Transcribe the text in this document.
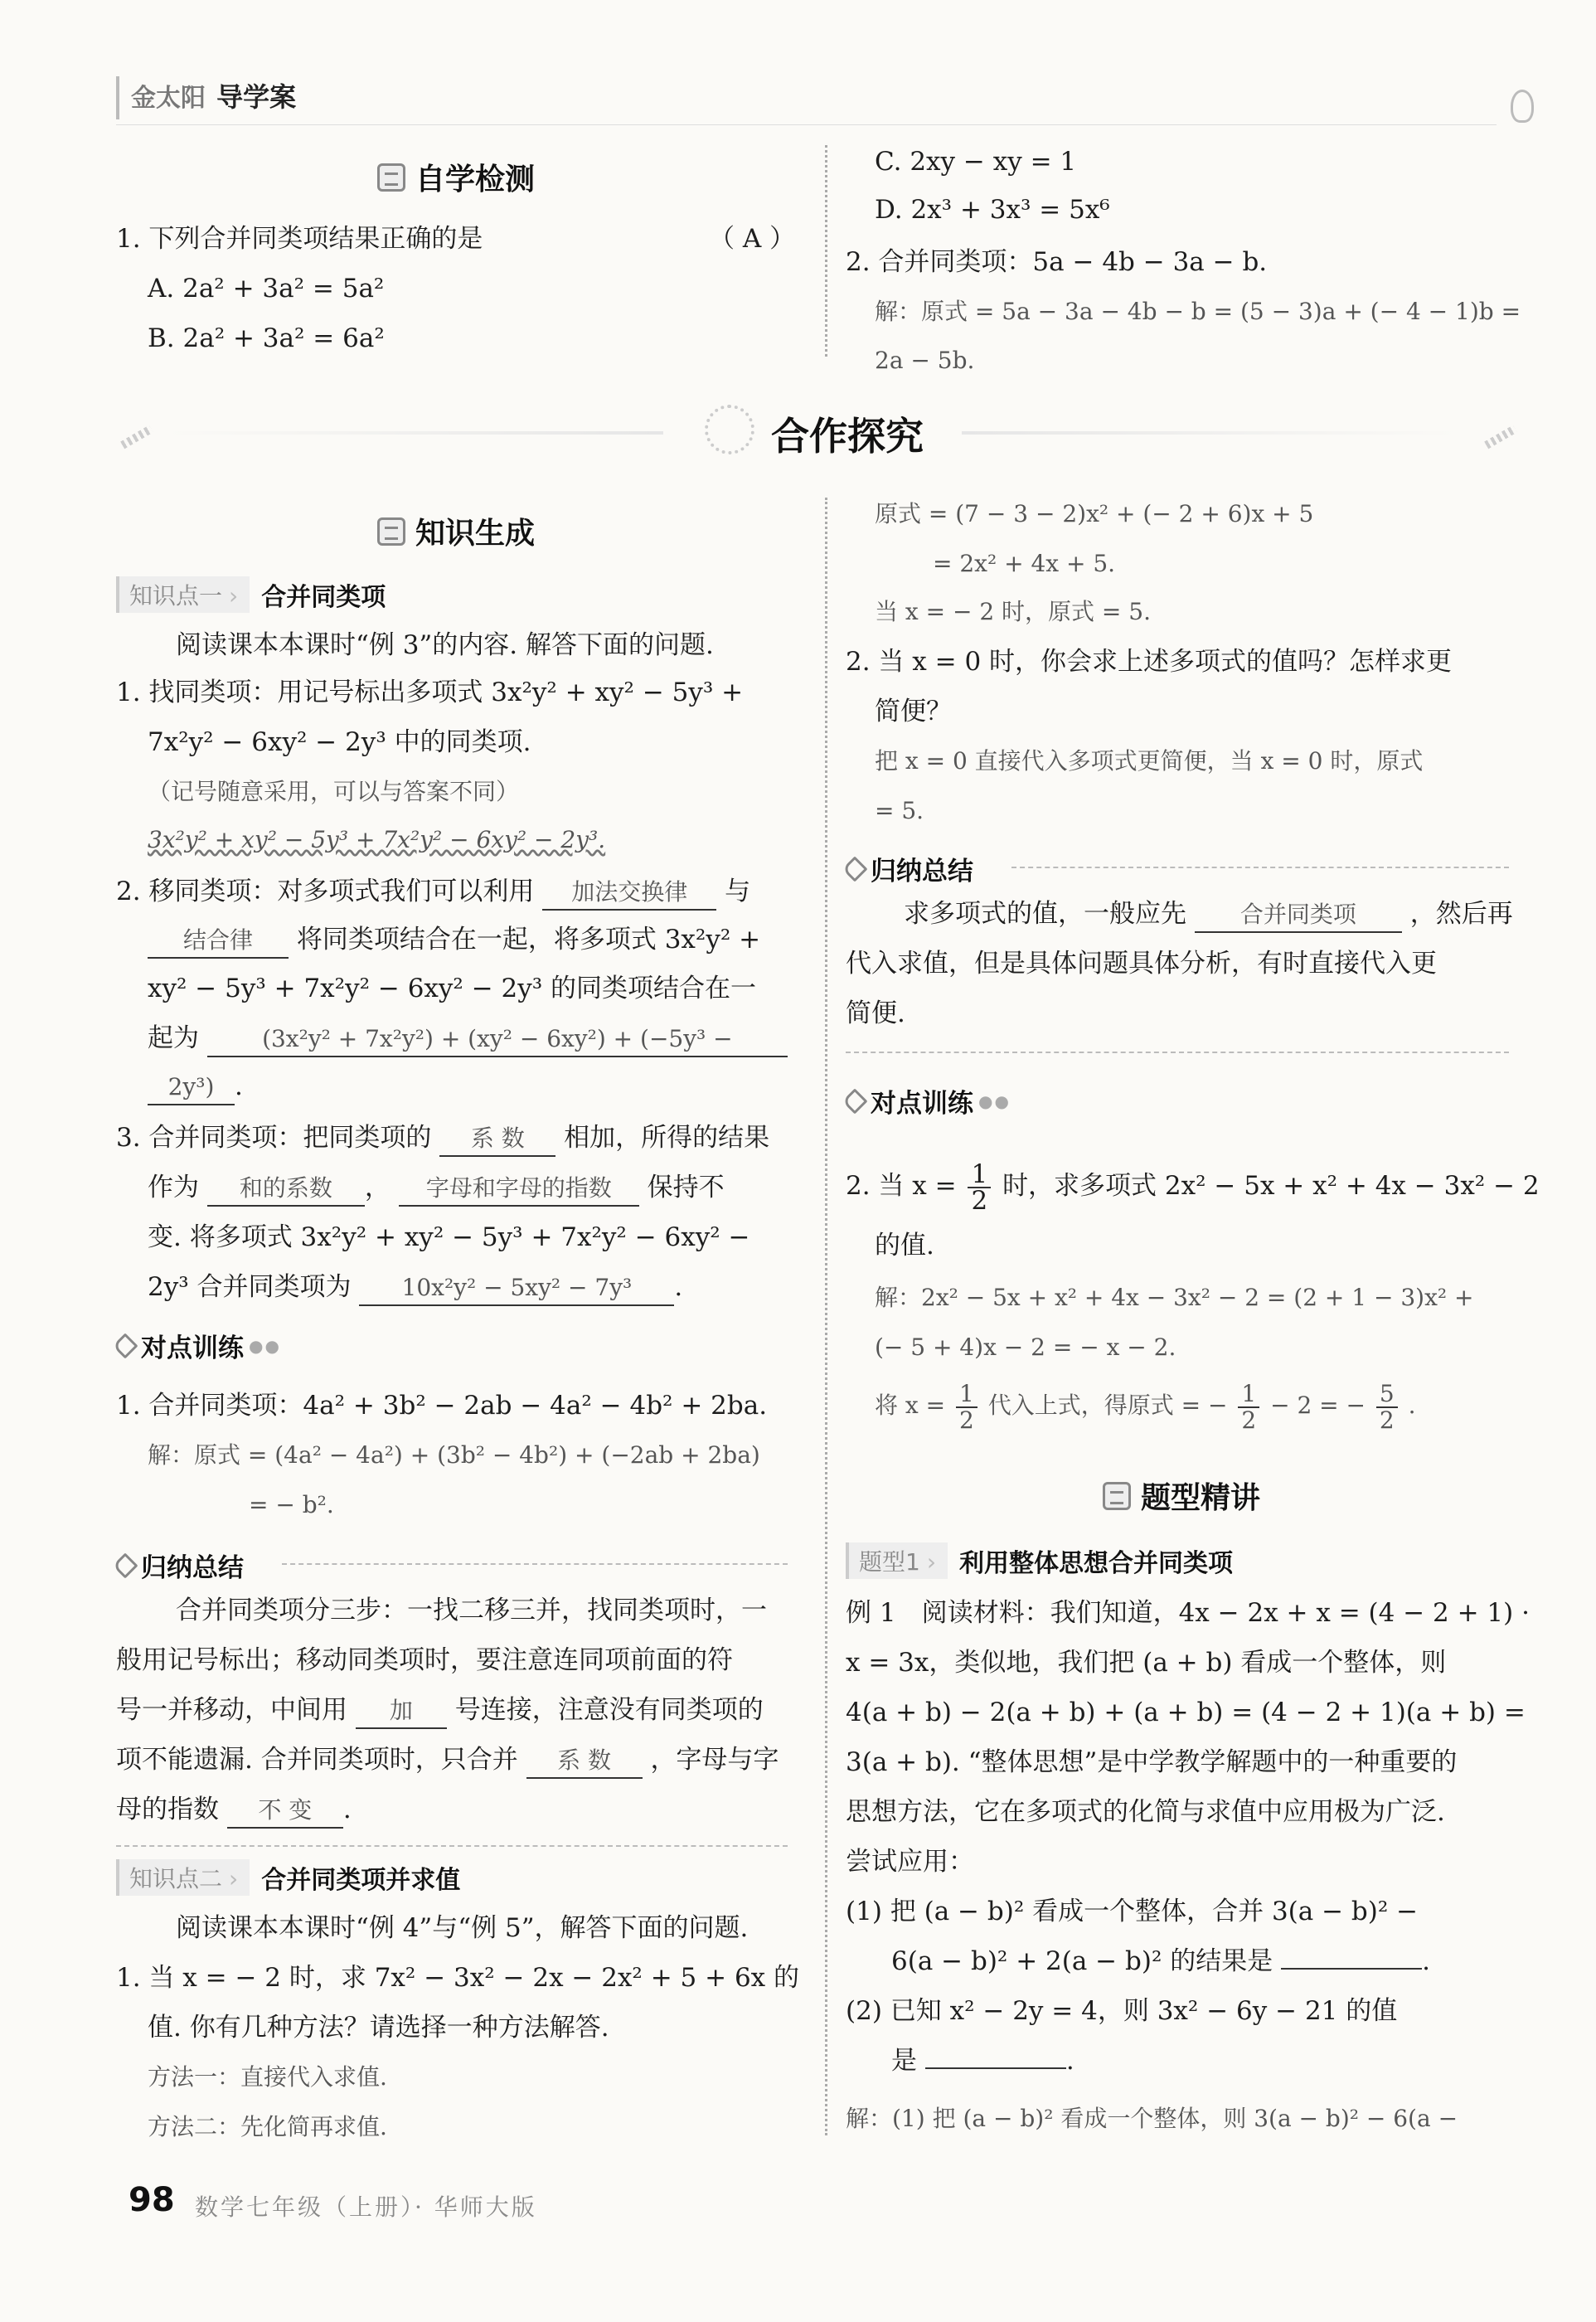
金太阳 导学案
自学检测
1. 下列合并同类项结果正确的是	（ A ）
A. 2a² + 3a² = 5a²
B. 2a² + 3a² = 6a²
C. 2xy − xy = 1
D. 2x³ + 3x³ = 5x⁶
2. 合并同类项：5a − 4b − 3a − b.
解：原式 = 5a − 3a − 4b − b = (5 − 3)a + (− 4 − 1)b =
2a − 5b.
合作探究
知识生成
知识点一 ›	合并同类项
阅读课本本课时“例 3”的内容. 解答下面的问题.
1. 找同类项：用记号标出多项式 3x²y² + xy² − 5y³ +
7x²y² − 6xy² − 2y³ 中的同类项.
（记号随意采用，可以与答案不同）
3x²y² + xy² − 5y³ + 7x²y² − 6xy² − 2y³.
2. 移同类项：对多项式我们可以利用 加法交换律 与
结合律 将同类项结合在一起，将多项式 3x²y² +
xy² − 5y³ + 7x²y² − 6xy² − 2y³ 的同类项结合在一
起为	(3x²y² + 7x²y²) + (xy² − 6xy²) + (−5y³ −
2y³) .
3. 合并同类项：把同类项的 系 数 相加，所得的结果
作为 和的系数 ， 字母和字母的指数 保持不
变. 将多项式 3x²y² + xy² − 5y³ + 7x²y² − 6xy² −
2y³ 合并同类项为 10x²y² − 5xy² − 7y³ .
对点训练 ●●
1. 合并同类项：4a² + 3b² − 2ab − 4a² − 4b² + 2ba.
解：原式 = (4a² − 4a²) + (3b² − 4b²) + (−2ab + 2ba)
= − b².
归纳总结
合并同类项分三步：一找二移三并，找同类项时，一
般用记号标出；移动同类项时，要注意连同项前面的符
号一并移动，中间用 加 号连接，注意没有同类项的
项不能遗漏. 合并同类项时，只合并 系 数 ，字母与字
母的指数 不 变 .
知识点二 ›	合并同类项并求值
阅读课本本课时“例 4”与“例 5”，解答下面的问题.
1. 当 x = − 2 时，求 7x² − 3x² − 2x − 2x² + 5 + 6x 的
值. 你有几种方法？请选择一种方法解答.
方法一：直接代入求值.
方法二：先化简再求值.
原式 = (7 − 3 − 2)x² + (− 2 + 6)x + 5
= 2x² + 4x + 5.
当 x = − 2 时，原式 = 5.
2. 当 x = 0 时，你会求上述多项式的值吗？怎样求更
简便？
把 x = 0 直接代入多项式更简便，当 x = 0 时，原式
= 5.
归纳总结
求多项式的值，一般应先 合并同类项 ，然后再
代入求值，但是具体问题具体分析，有时直接代入更
简便.
对点训练 ●●
2. 当 $x = \frac{1}{2}$ 时，求多项式 2x² − 5x + x² + 4x − 3x² − 2
的值.
解：2x² − 5x + x² + 4x − 3x² − 2 = (2 + 1 − 3)x² +
(− 5 + 4)x − 2 = − x − 2.
将 $x = \frac{1}{2}$ 代入上式，得原式 = − $\frac{1}{2} - 2$ = − $\frac{5}{2}$ .
题型精讲
题型1 ›	利用整体思想合并同类项
例 1　阅读材料：我们知道，4x − 2x + x = (4 − 2 + 1) ·
x = 3x，类似地，我们把 (a + b) 看成一个整体，则
4(a + b) − 2(a + b) + (a + b) = (4 − 2 + 1)(a + b) =
3(a + b). “整体思想”是中学教学解题中的一种重要的
思想方法，它在多项式的化简与求值中应用极为广泛.
尝试应用：
(1) 把 (a − b)² 看成一个整体，合并 3(a − b)² −
6(a − b)² + 2(a − b)² 的结果是	.
(2) 已知 x² − 2y = 4，则 3x² − 6y − 21 的值
是	.
解：(1) 把 (a − b)² 看成一个整体，则 3(a − b)² − 6(a −
98 数学七年级（上册）· 华师大版
